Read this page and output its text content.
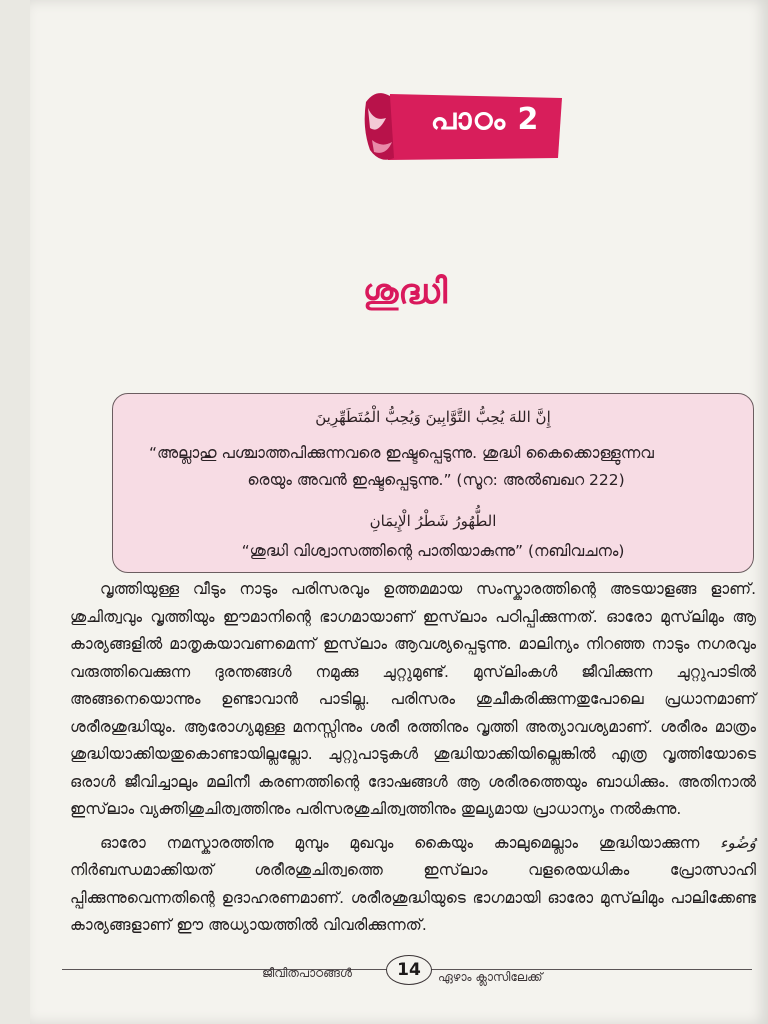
പാഠം 2
ശുദ്ധി
إِنَّ اللهَ يُحِبُّ التَّوَّابِينَ وَيُحِبُّ الْمُتَطَهِّرِينَ
“അല്ലാഹു പശ്ചാത്തപിക്കുന്നവരെ ഇഷ്ടപ്പെടുന്നു. ശുദ്ധി കൈക്കൊള്ളുന്നവ
രെയും അവൻ ഇഷ്ടപ്പെടുന്നു.” (സൂറ: അൽബഖറ 222)
الطُّهُورُ شَطْرُ الْإِيمَانِ
“ശുദ്ധി വിശ്വാസത്തിന്റെ പാതിയാകുന്നു” (നബിവചനം)

വൃത്തിയുള്ള വീടും നാടും പരിസരവും ഉത്തമമായ സംസ്കാരത്തിന്റെ അടയാളങ്ങ ളാണ്. ശുചിത്വവും വൃത്തിയും ഈമാനിന്റെ ഭാഗമായാണ് ഇസ്‌ലാം പഠിപ്പിക്കുന്നത്. ഓരോ മുസ്‌ലിമും ആ കാര്യങ്ങളിൽ മാതൃകയാവണമെന്ന് ഇസ്‌ലാം ആവശ്യപ്പെടുന്നു. മാലിന്യം നിറഞ്ഞ നാടും നഗരവും വരുത്തിവെക്കുന്ന ദുരന്തങ്ങൾ നമുക്കു ചുറ്റുമുണ്ട്. മുസ്‌ലിംകൾ ജീവിക്കുന്ന ചുറ്റുപാടിൽ അങ്ങനെയൊന്നും ഉണ്ടാവാൻ പാടില്ല. പരിസരം ശുചീകരിക്കുന്നതുപോലെ പ്രധാനമാണ് ശരീരശുദ്ധിയും. ആരോഗ്യമുള്ള മനസ്സിനും ശരീ രത്തിനും വൃത്തി അത്യാവശ്യമാണ്. ശരീരം മാത്രം ശുദ്ധിയാക്കിയതുകൊണ്ടായില്ലല്ലോ. ചുറ്റുപാടുകൾ ശുദ്ധിയാക്കിയില്ലെങ്കിൽ എത്ര വൃത്തിയോടെ ഒരാൾ ജീവിച്ചാലും മലിനീ കരണത്തിന്റെ ദോഷങ്ങൾ ആ ശരീരത്തെയും ബാധിക്കും. അതിനാൽ ഇസ്‌ലാം വ്യക്തിശുചിത്വത്തിനും പരിസരശുചിത്വത്തിനും തുല്യമായ പ്രാധാന്യം നൽകുന്നു.

ഓരോ നമസ്കാരത്തിനു മുമ്പും മുഖവും കൈയും കാലുമെല്ലാം ശുദ്ധിയാക്കുന്ന وُضُوء നിർബന്ധമാക്കിയത് ശരീരശുചിത്വത്തെ ഇസ്‌ലാം വളരെയധികം പ്രോത്സാഹി പ്പിക്കുന്നുവെന്നതിന്റെ ഉദാഹരണമാണ്. ശരീരശുദ്ധിയുടെ ഭാഗമായി ഓരോ മുസ്‌ലിമും പാലിക്കേണ്ട കാര്യങ്ങളാണ് ഈ അധ്യായത്തിൽ വിവരിക്കുന്നത്.

ജീവിതപാഠങ്ങൾ	14	ഏഴാം ക്ലാസിലേക്ക്
